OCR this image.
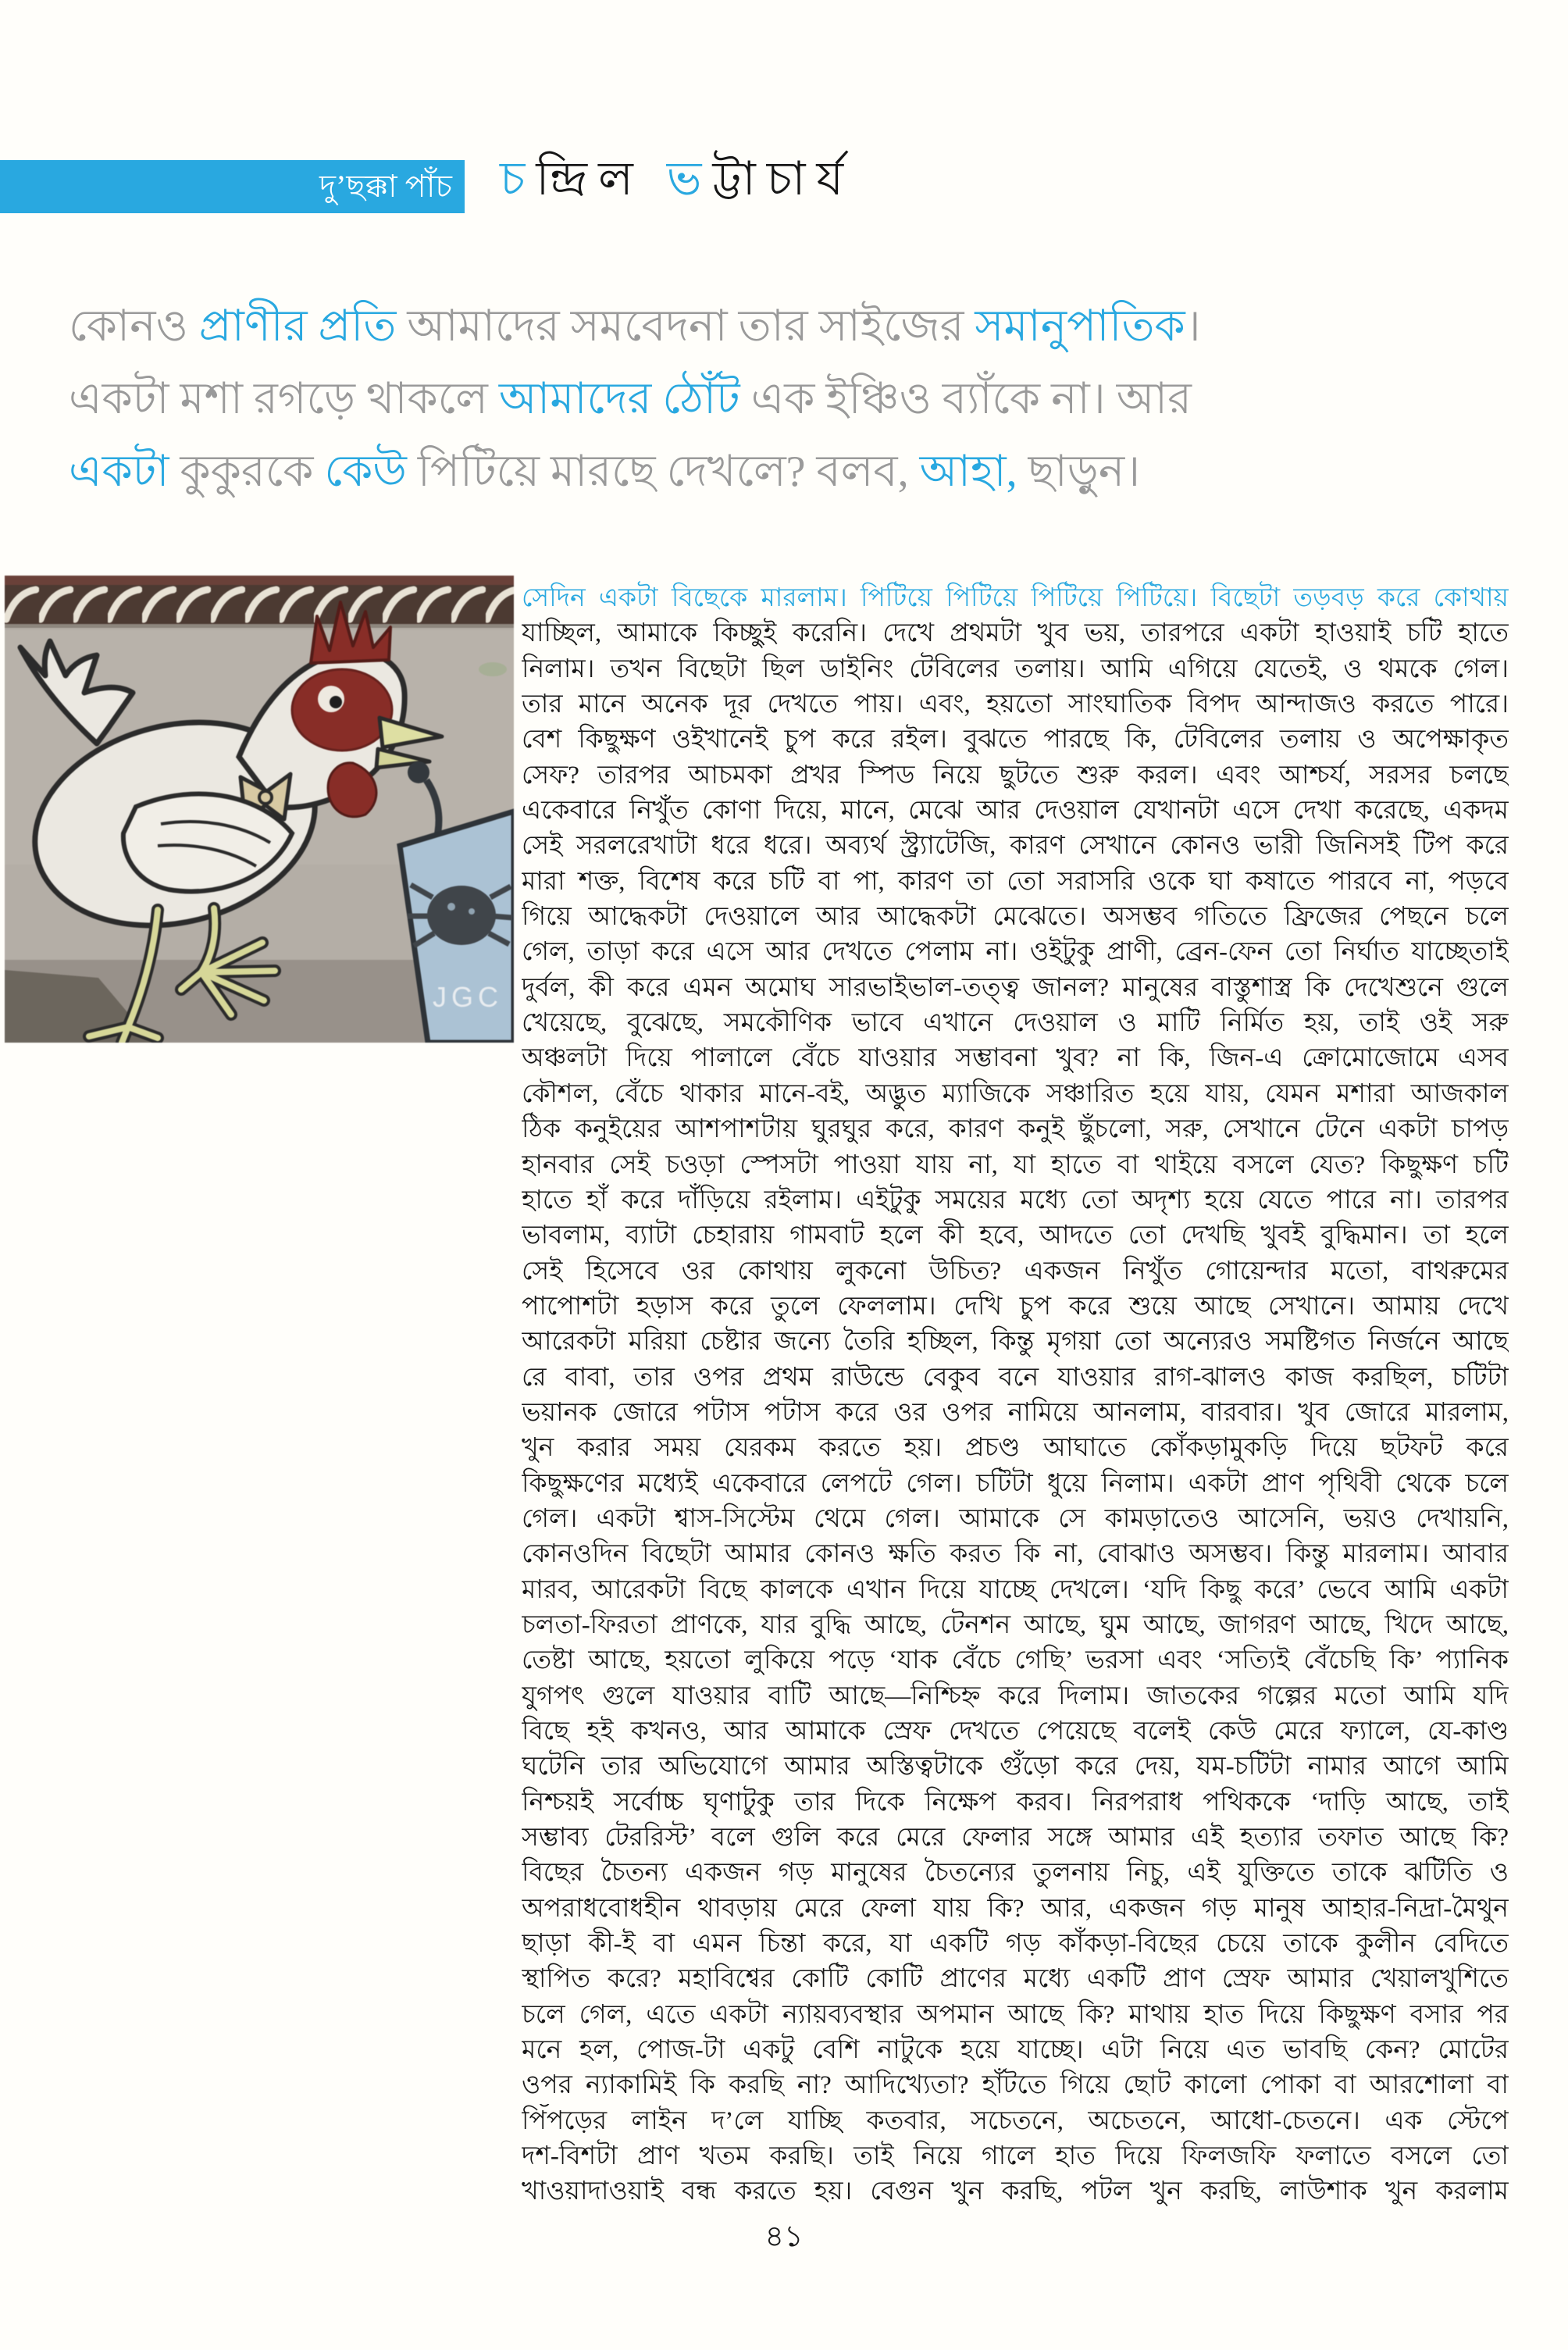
দু’ছক্কা পাঁচ চন্দ্রিল ভট্টাচার্য
কোনও প্রাণীর প্রতি আমাদের সমবেদনা তার সাইজের সমানুপাতিক।
একটা মশা রগড়ে থাকলে আমাদের ঠোঁট এক ইঞ্চিও ব্যাঁকে না। আর
একটা কুকুরকে কেউ পিটিয়ে মারছে দেখলে? বলব, আহা, ছাড়ুন।
JGC
সেদিন একটা বিছেকে মারলাম। পিটিয়ে পিটিয়ে পিটিয়ে পিটিয়ে। বিছেটা তড়বড় করে কোথায়
যাচ্ছিল, আমাকে কিচ্ছুই করেনি। দেখে প্রথমটা খুব ভয়, তারপরে একটা হাওয়াই চটি হাতে
নিলাম। তখন বিছেটা ছিল ডাইনিং টেবিলের তলায়। আমি এগিয়ে যেতেই, ও থমকে গেল।
তার মানে অনেক দূর দেখতে পায়। এবং, হয়তো সাংঘাতিক বিপদ আন্দাজও করতে পারে।
বেশ কিছুক্ষণ ওইখানেই চুপ করে রইল। বুঝতে পারছে কি, টেবিলের তলায় ও অপেক্ষাকৃত
সেফ? তারপর আচমকা প্রখর স্পিড নিয়ে ছুটতে শুরু করল। এবং আশ্চর্য, সরসর চলছে
একেবারে নিখুঁত কোণা দিয়ে, মানে, মেঝে আর দেওয়াল যেখানটা এসে দেখা করেছে, একদম
সেই সরলরেখাটা ধরে ধরে। অব্যর্থ স্ট্র্যাটেজি, কারণ সেখানে কোনও ভারী জিনিসই টিপ করে
মারা শক্ত, বিশেষ করে চটি বা পা, কারণ তা তো সরাসরি ওকে ঘা কষাতে পারবে না, পড়বে
গিয়ে আদ্ধেকটা দেওয়ালে আর আদ্ধেকটা মেঝেতে। অসম্ভব গতিতে ফ্রিজের পেছনে চলে
গেল, তাড়া করে এসে আর দেখতে পেলাম না। ওইটুকু প্রাণী, ব্রেন-ফেন তো নির্ঘাত যাচ্ছেতাই
দুর্বল, কী করে এমন অমোঘ সারভাইভাল-তত্ত্ব জানল? মানুষের বাস্তুশাস্ত্র কি দেখেশুনে গুলে
খেয়েছে, বুঝেছে, সমকৌণিক ভাবে এখানে দেওয়াল ও মাটি নির্মিত হয়, তাই ওই সরু
অঞ্চলটা দিয়ে পালালে বেঁচে যাওয়ার সম্ভাবনা খুব? না কি, জিন-এ ক্রোমোজোমে এসব
কৌশল, বেঁচে থাকার মানে-বই, অদ্ভুত ম্যাজিকে সঞ্চারিত হয়ে যায়, যেমন মশারা আজকাল
ঠিক কনুইয়ের আশপাশটায় ঘুরঘুর করে, কারণ কনুই ছুঁচলো, সরু, সেখানে টেনে একটা চাপড়
হানবার সেই চওড়া স্পেসটা পাওয়া যায় না, যা হাতে বা থাইয়ে বসলে যেত? কিছুক্ষণ চটি
হাতে হাঁ করে দাঁড়িয়ে রইলাম। এইটুকু সময়ের মধ্যে তো অদৃশ্য হয়ে যেতে পারে না। তারপর
ভাবলাম, ব্যাটা চেহারায় গামবাট হলে কী হবে, আদতে তো দেখছি খুবই বুদ্ধিমান। তা হলে
সেই হিসেবে ওর কোথায় লুকনো উচিত? একজন নিখুঁত গোয়েন্দার মতো, বাথরুমের
পাপোশটা হড়াস করে তুলে ফেললাম। দেখি চুপ করে শুয়ে আছে সেখানে। আমায় দেখে
আরেকটা মরিয়া চেষ্টার জন্যে তৈরি হচ্ছিল, কিন্তু মৃগয়া তো অন্যেরও সমষ্টিগত নির্জনে আছে
রে বাবা, তার ওপর প্রথম রাউন্ডে বেকুব বনে যাওয়ার রাগ-ঝালও কাজ করছিল, চটিটা
ভয়ানক জোরে পটাস পটাস করে ওর ওপর নামিয়ে আনলাম, বারবার। খুব জোরে মারলাম,
খুন করার সময় যেরকম করতে হয়। প্রচণ্ড আঘাতে কোঁকড়ামুকড়ি দিয়ে ছটফট করে
কিছুক্ষণের মধ্যেই একেবারে লেপটে গেল। চটিটা ধুয়ে নিলাম। একটা প্রাণ পৃথিবী থেকে চলে
গেল। একটা শ্বাস-সিস্টেম থেমে গেল। আমাকে সে কামড়াতেও আসেনি, ভয়ও দেখায়নি,
কোনওদিন বিছেটা আমার কোনও ক্ষতি করত কি না, বোঝাও অসম্ভব। কিন্তু মারলাম। আবার
মারব, আরেকটা বিছে কালকে এখান দিয়ে যাচ্ছে দেখলে। ‘যদি কিছু করে’ ভেবে আমি একটা
চলতা-ফিরতা প্রাণকে, যার বুদ্ধি আছে, টেনশন আছে, ঘুম আছে, জাগরণ আছে, খিদে আছে,
তেষ্টা আছে, হয়তো লুকিয়ে পড়ে ‘যাক বেঁচে গেছি’ ভরসা এবং ‘সত্যিই বেঁচেছি কি’ প্যানিক
যুগপৎ গুলে যাওয়ার বাটি আছে—নিশ্চিহ্ন করে দিলাম। জাতকের গল্পের মতো আমি যদি
বিছে হই কখনও, আর আমাকে স্রেফ দেখতে পেয়েছে বলেই কেউ মেরে ফ্যালে, যে-কাণ্ড
ঘটেনি তার অভিযোগে আমার অস্তিত্বটাকে গুঁড়ো করে দেয়, যম-চটিটা নামার আগে আমি
নিশ্চয়ই সর্বোচ্চ ঘৃণাটুকু তার দিকে নিক্ষেপ করব। নিরপরাধ পথিককে ‘দাড়ি আছে, তাই
সম্ভাব্য টেররিস্ট’ বলে গুলি করে মেরে ফেলার সঙ্গে আমার এই হত্যার তফাত আছে কি?
বিছের চৈতন্য একজন গড় মানুষের চৈতন্যের তুলনায় নিচু, এই যুক্তিতে তাকে ঝটিতি ও
অপরাধবোধহীন থাবড়ায় মেরে ফেলা যায় কি? আর, একজন গড় মানুষ আহার-নিদ্রা-মৈথুন
ছাড়া কী-ই বা এমন চিন্তা করে, যা একটি গড় কাঁকড়া-বিছের চেয়ে তাকে কুলীন বেদিতে
স্থাপিত করে? মহাবিশ্বের কোটি কোটি প্রাণের মধ্যে একটি প্রাণ স্রেফ আমার খেয়ালখুশিতে
চলে গেল, এতে একটা ন্যায়ব্যবস্থার অপমান আছে কি? মাথায় হাত দিয়ে কিছুক্ষণ বসার পর
মনে হল, পোজ-টা একটু বেশি নাটুকে হয়ে যাচ্ছে। এটা নিয়ে এত ভাবছি কেন? মোটের
ওপর ন্যাকামিই কি করছি না? আদিখ্যেতা? হাঁটতে গিয়ে ছোট কালো পোকা বা আরশোলা বা
পিঁপড়ের লাইন দ’লে যাচ্ছি কতবার, সচেতনে, অচেতনে, আধো-চেতনে। এক স্টেপে
দশ-বিশটা প্রাণ খতম করছি। তাই নিয়ে গালে হাত দিয়ে ফিলজফি ফলাতে বসলে তো
খাওয়াদাওয়াই বন্ধ করতে হয়। বেগুন খুন করছি, পটল খুন করছি, লাউশাক খুন করলাম
৪১
